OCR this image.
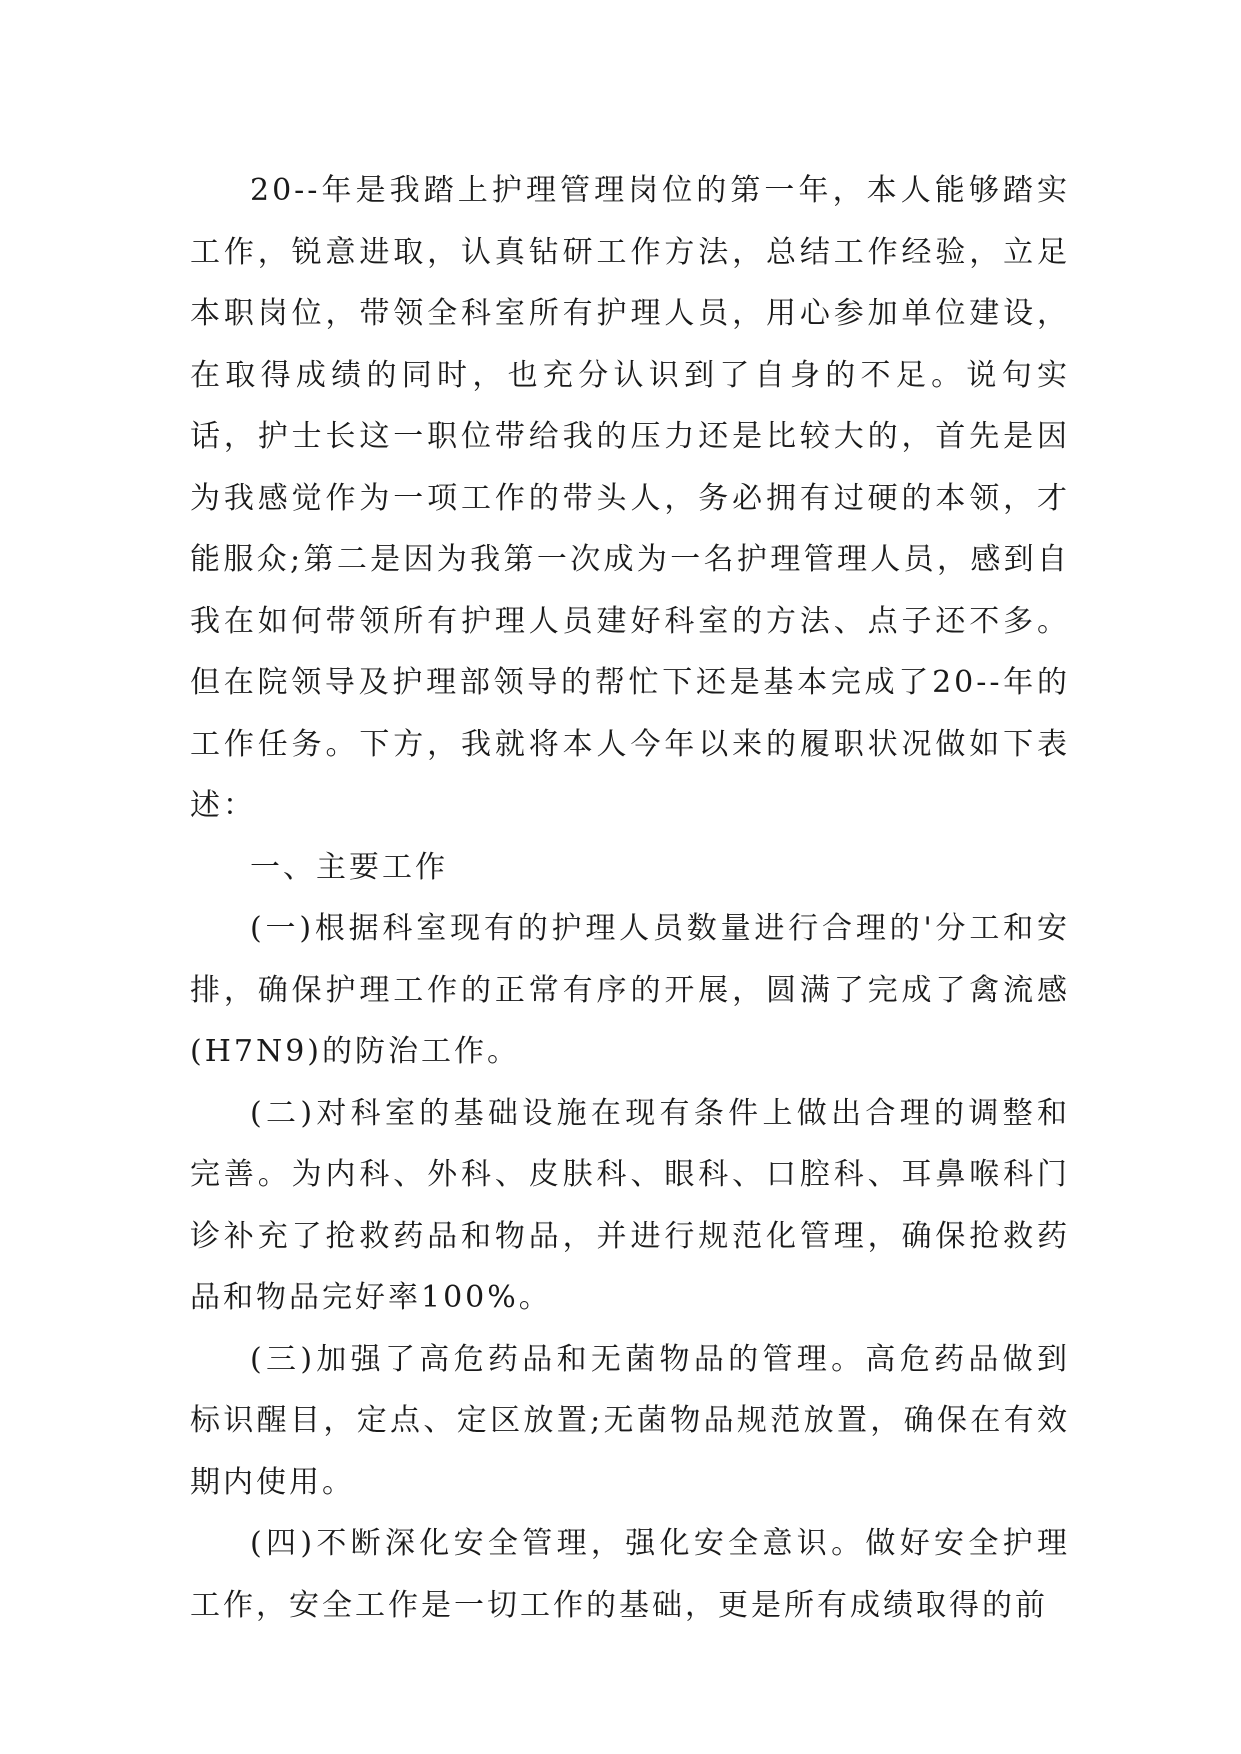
20--年是我踏上护理管理岗位的第一年，本人能够踏实工作，锐意进取，认真钻研工作方法，总结工作经验，立足本职岗位，带领全科室所有护理人员，用心参加单位建设，在取得成绩的同时，也充分认识到了自身的不足。说句实话，护士长这一职位带给我的压力还是比较大的，首先是因为我感觉作为一项工作的带头人，务必拥有过硬的本领，才能服众;第二是因为我第一次成为一名护理管理人员，感到自我在如何带领所有护理人员建好科室的方法、点子还不多。但在院领导及护理部领导的帮忙下还是基本完成了20--年的工作任务。下方，我就将本人今年以来的履职状况做如下表述：

一、主要工作

(一)根据科室现有的护理人员数量进行合理的'分工和安排，确保护理工作的正常有序的开展，圆满了完成了禽流感(H7N9)的防治工作。

(二)对科室的基础设施在现有条件上做出合理的调整和完善。为内科、外科、皮肤科、眼科、口腔科、耳鼻喉科门诊补充了抢救药品和物品，并进行规范化管理，确保抢救药品和物品完好率100%。

(三)加强了高危药品和无菌物品的管理。高危药品做到标识醒目，定点、定区放置;无菌物品规范放置，确保在有效期内使用。

(四)不断深化安全管理，强化安全意识。做好安全护理工作，安全工作是一切工作的基础，更是所有成绩取得的前
